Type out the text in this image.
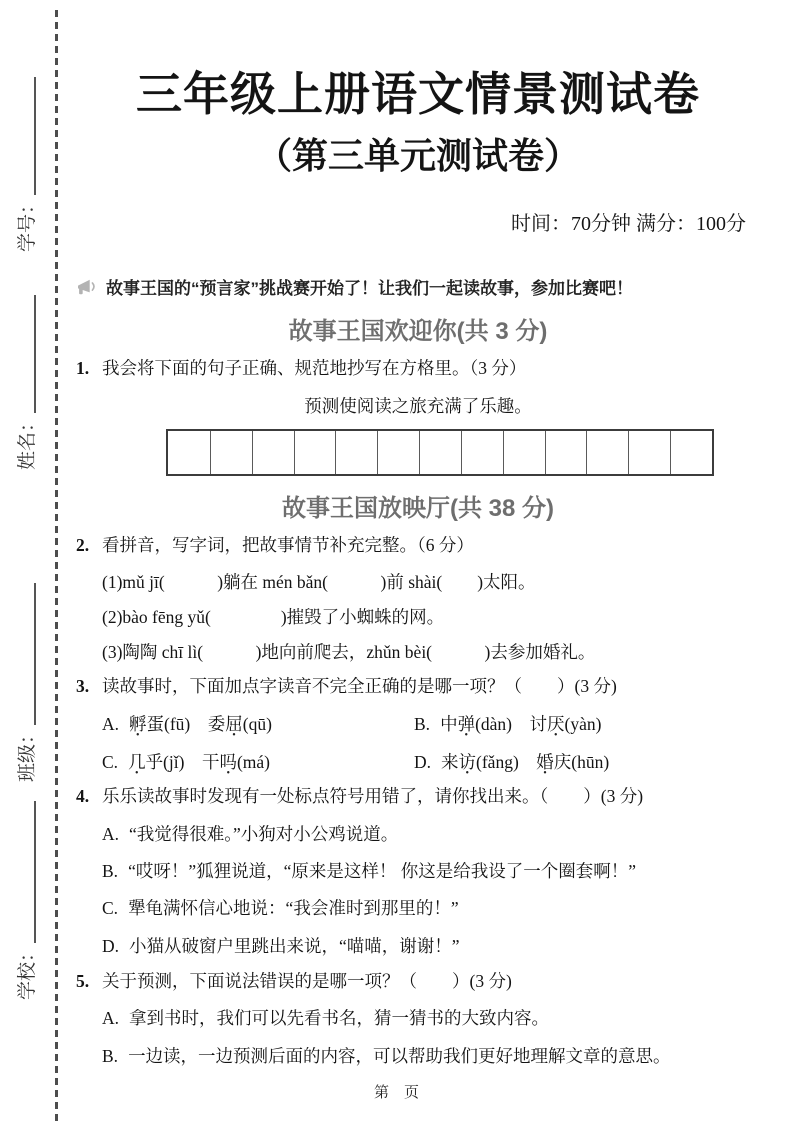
学号：
姓名：
班级：
学校：
三年级上册语文情景测试卷
（第三单元测试卷）
时间：70分钟 满分：100分
故事王国的“预言家”挑战赛开始了！让我们一起读故事，参加比赛吧！
故事王国欢迎你(共 3 分)
1. 我会将下面的句子正确、规范地抄写在方格里。（3 分）
预测使阅读之旅充满了乐趣。
故事王国放映厅(共 38 分)
2. 看拼音，写字词，把故事情节补充完整。（6 分）
(1)mǔ jī(　　　)躺在 mén bǎn(　　　)前 shài(　　)太阳。
(2)bào fēng yǔ(　　　　)摧毁了小蜘蛛的网。
(3)陶陶 chī lì(　　　)地向前爬去，zhǔn bèi(　　　)去参加婚礼。
3. 读故事时，下面加点字读音不完全正确的是哪一项？（　　）(3 分)
A. 孵蛋(fū)　 委屈(qū)	B. 中弹(dàn)　 讨厌(yàn)
C. 几乎(jǐ)　 干吗(má)	D. 来访(fǎng)　 婚庆(hūn)
4. 乐乐读故事时发现有一处标点符号用错了，请你找出来。（　　）(3 分)
A. “我觉得很难。”小狗对小公鸡说道。
B. “哎呀！”狐狸说道，“原来是这样！ 你这是给我设了一个圈套啊！”
C. 犟龟满怀信心地说：“我会准时到那里的！”
D. 小猫从破窗户里跳出来说，“喵喵，谢谢！”
5. 关于预测，下面说法错误的是哪一项？（　　）(3 分)
A. 拿到书时，我们可以先看书名，猜一猜书的大致内容。
B. 一边读，一边预测后面的内容，可以帮助我们更好地理解文章的意思。
第　页
